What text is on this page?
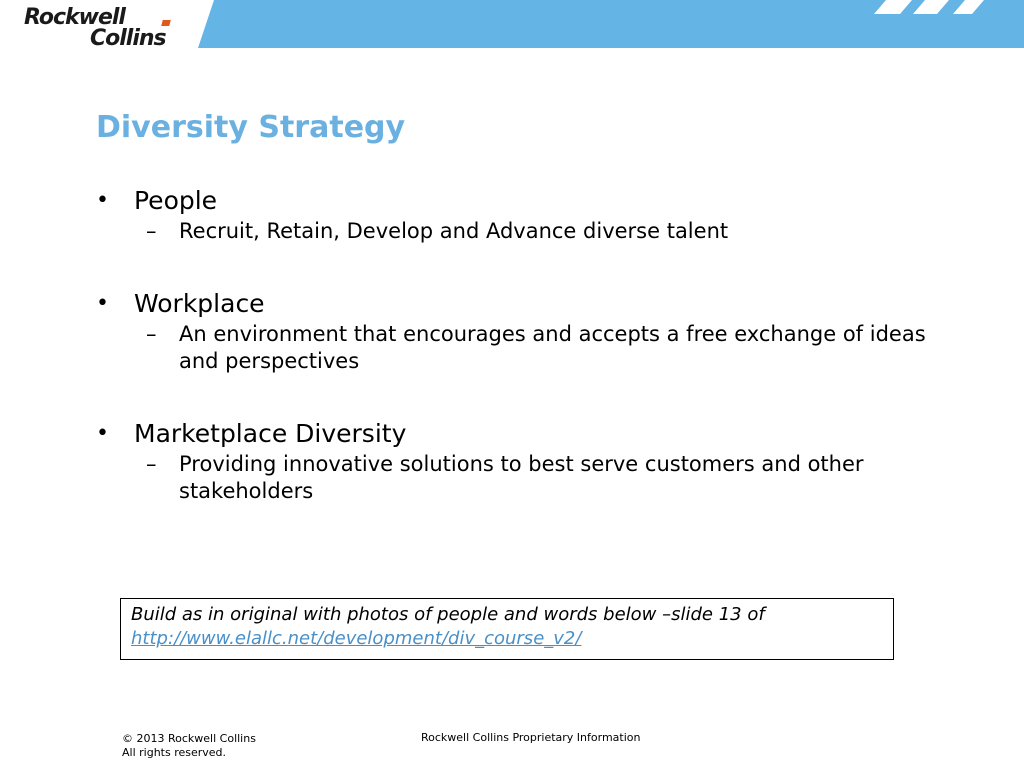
Rockwell
Collins
Diversity Strategy
• People
– Recruit, Retain, Develop and Advance diverse talent
• Workplace
– An environment that encourages and accepts a free exchange of ideas and perspectives
• Marketplace Diversity
– Providing innovative solutions to best serve customers and other stakeholders
Build as in original with photos of people and words below –slide 13 of
http://www.elallc.net/development/div_course_v2/
© 2013 Rockwell Collins
All rights reserved.
Rockwell Collins Proprietary Information
